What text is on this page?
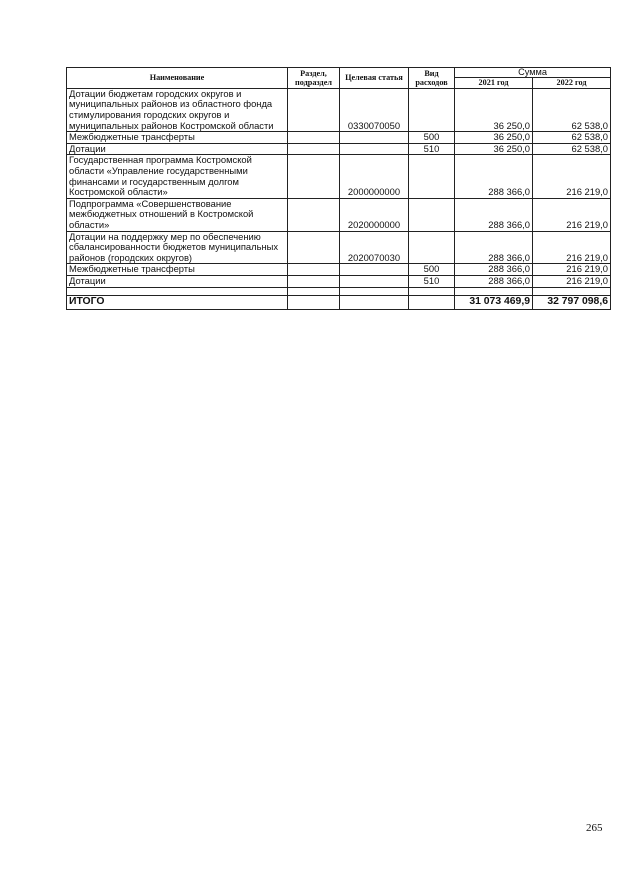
Наименование	Раздел, подраздел	Целевая статья	Вид расходов	Сумма	
				2021 год	2022 год
Дотации бюджетам городских округов и муниципальных районов из областного фонда стимулирования городских округов и муниципальных районов Костромской области		0330070050		36 250,0	62 538,0
Межбюджетные трансферты			500	36 250,0	62 538,0
Дотации			510	36 250,0	62 538,0
Государственная программа Костромской области «Управление государственными финансами и государственным долгом Костромской области»		2000000000		288 366,0	216 219,0
Подпрограмма «Совершенствование межбюджетных отношений в Костромской области»		2020000000		288 366,0	216 219,0
Дотации на поддержку мер по обеспечению сбалансированности бюджетов муниципальных районов (городских округов)		2020070030		288 366,0	216 219,0
Межбюджетные трансферты			500	288 366,0	216 219,0
Дотации			510	288 366,0	216 219,0

ИТОГО				31 073 469,9	32 797 098,6
265
